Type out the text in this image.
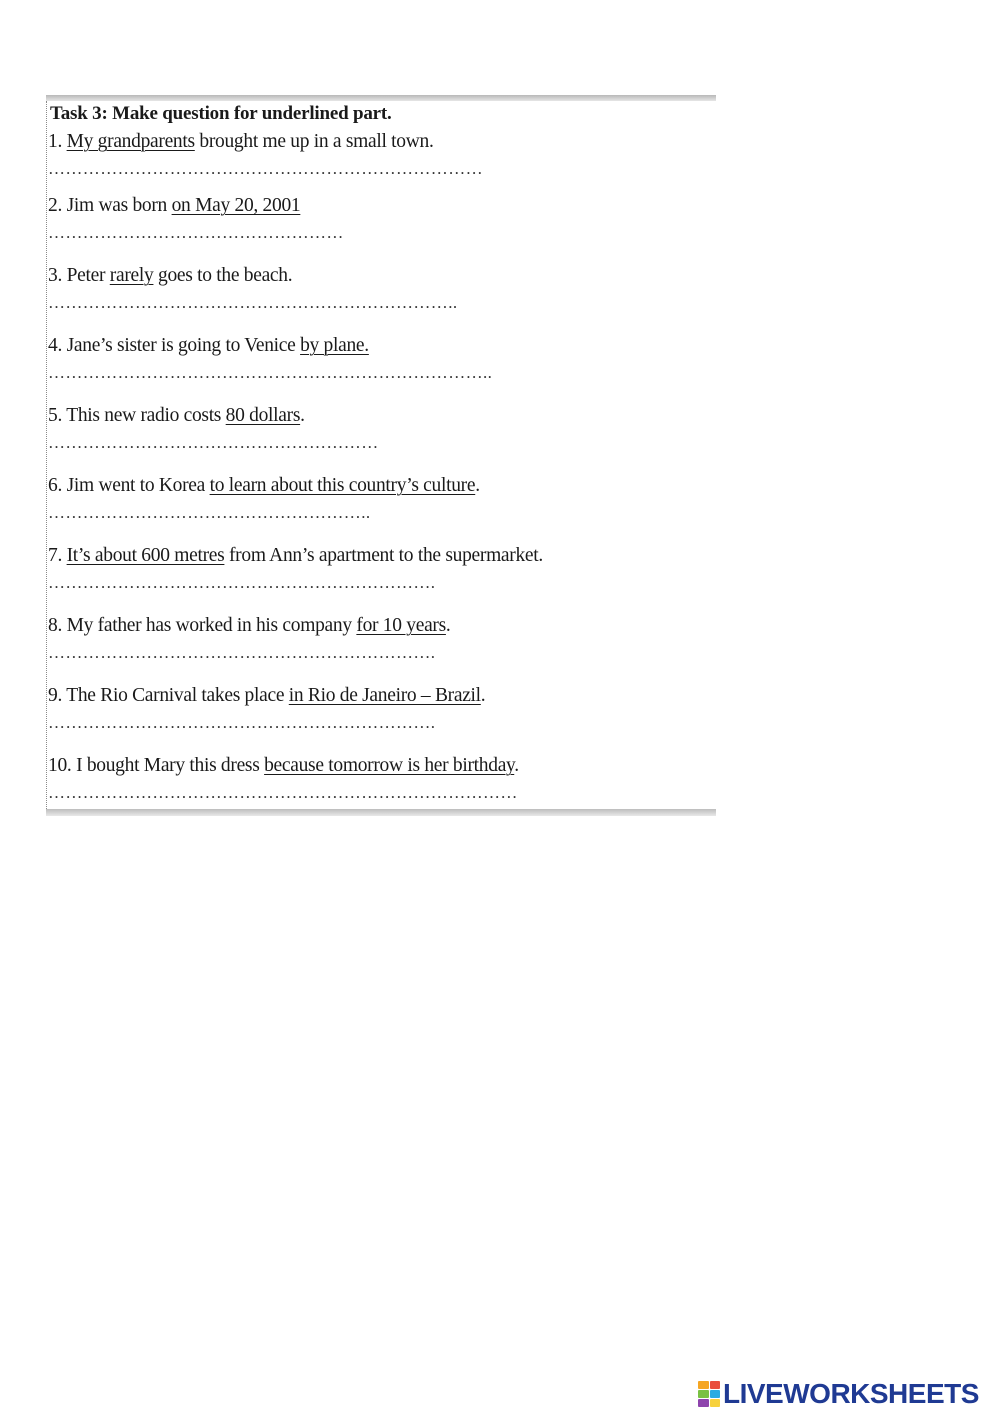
Task 3: Make question for underlined part.
1. My grandparents brought me up in a small town.
…………………………………………………………………
2. Jim was born on May 20, 2001
……………………………………………
3. Peter rarely goes to the beach.
……………………………………………………………..
4. Jane’s sister is going to Venice by plane.
…………………………………………………………………..
5. This new radio costs 80 dollars.
…………………………………………………
6. Jim went to Korea to learn about this country’s culture.
………………………………………………..
7. It’s about 600 metres from Ann’s apartment to the supermarket.
………………………………………………………….
8. My father has worked in his company for 10 years.
………………………………………………………….
9. The Rio Carnival takes place in Rio de Janeiro – Brazil.
………………………………………………………….
10. I bought Mary this dress because tomorrow is her birthday.
………………………………………………………………………
LIVEWORKSHEETS
